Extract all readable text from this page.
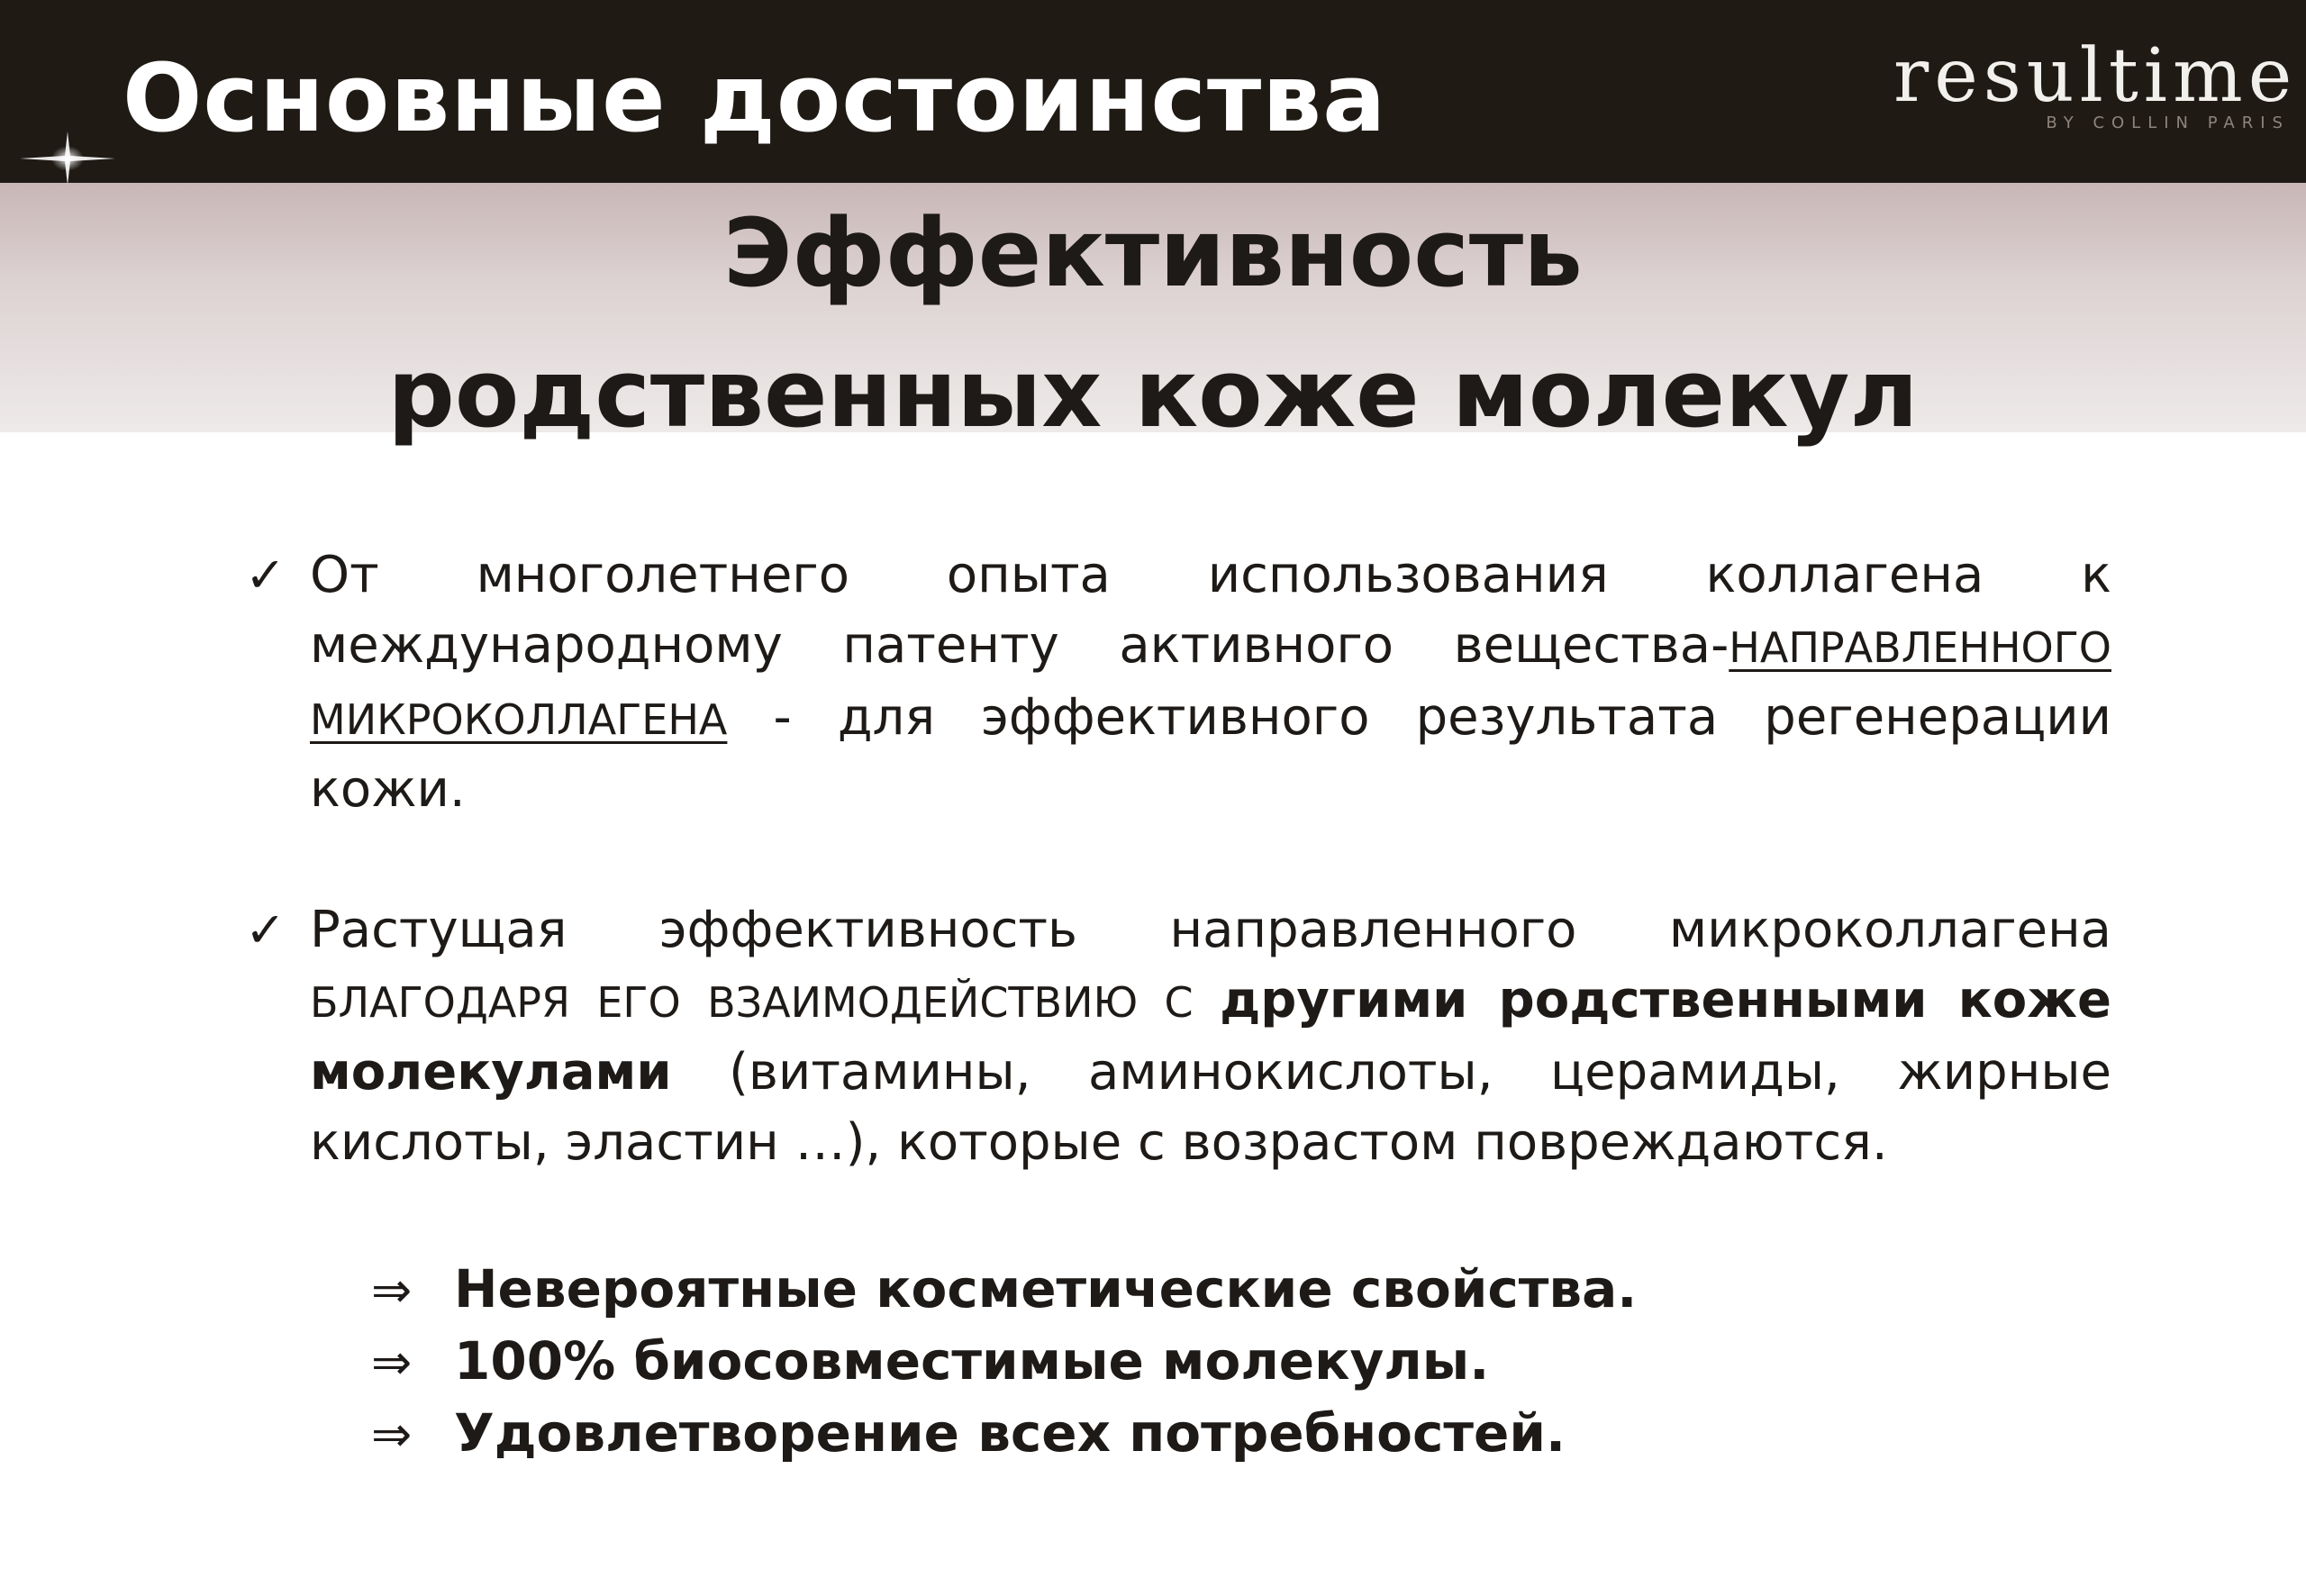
Основные достоинства	resultime
BY COLLIN PARIS
Эффективность
родственных коже молекул
✓ От многолетнего опыта использования коллагена к международному патенту активного вещества-НАПРАВЛЕННОГО МИКРОКОЛЛАГЕНА - для эффективного результата регенерации кожи.
✓ Растущая эффективность направленного микроколлагена БЛАГОДАРЯ ЕГО ВЗАИМОДЕЙСТВИЮ С другими родственными коже молекулами (витамины, аминокислоты, церамиды, жирные кислоты, эластин …), которые с возрастом повреждаются.
⇒ Невероятные косметические свойства.
⇒ 100% биосовместимые молекулы.
⇒ Удовлетворение всех потребностей.
